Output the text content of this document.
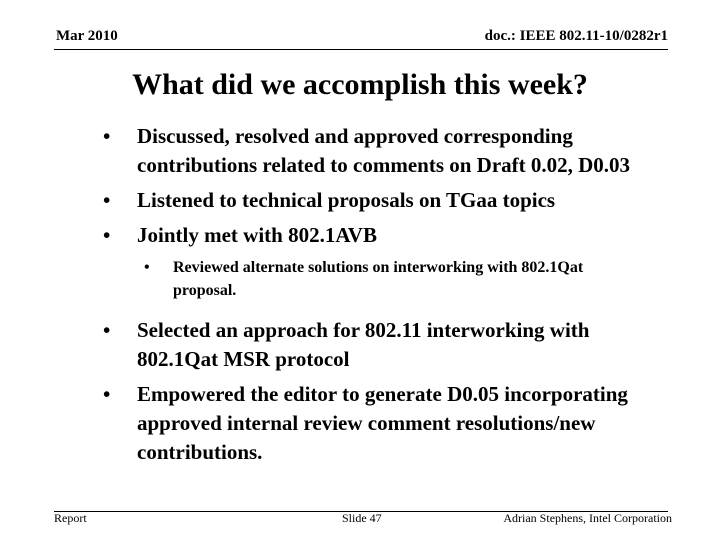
Mar 2010	doc.: IEEE 802.11-10/0282r1
What did we accomplish this week?
• Discussed, resolved and approved corresponding contributions related to comments on Draft 0.02, D0.03
• Listened to technical proposals on TGaa topics
• Jointly met with 802.1AVB
• Reviewed alternate solutions on interworking with 802.1Qat proposal.
• Selected an approach for 802.11 interworking with 802.1Qat MSR protocol
• Empowered the editor to generate D0.05 incorporating approved internal review comment resolutions/new contributions.
Report	Slide 47	Adrian Stephens, Intel Corporation
